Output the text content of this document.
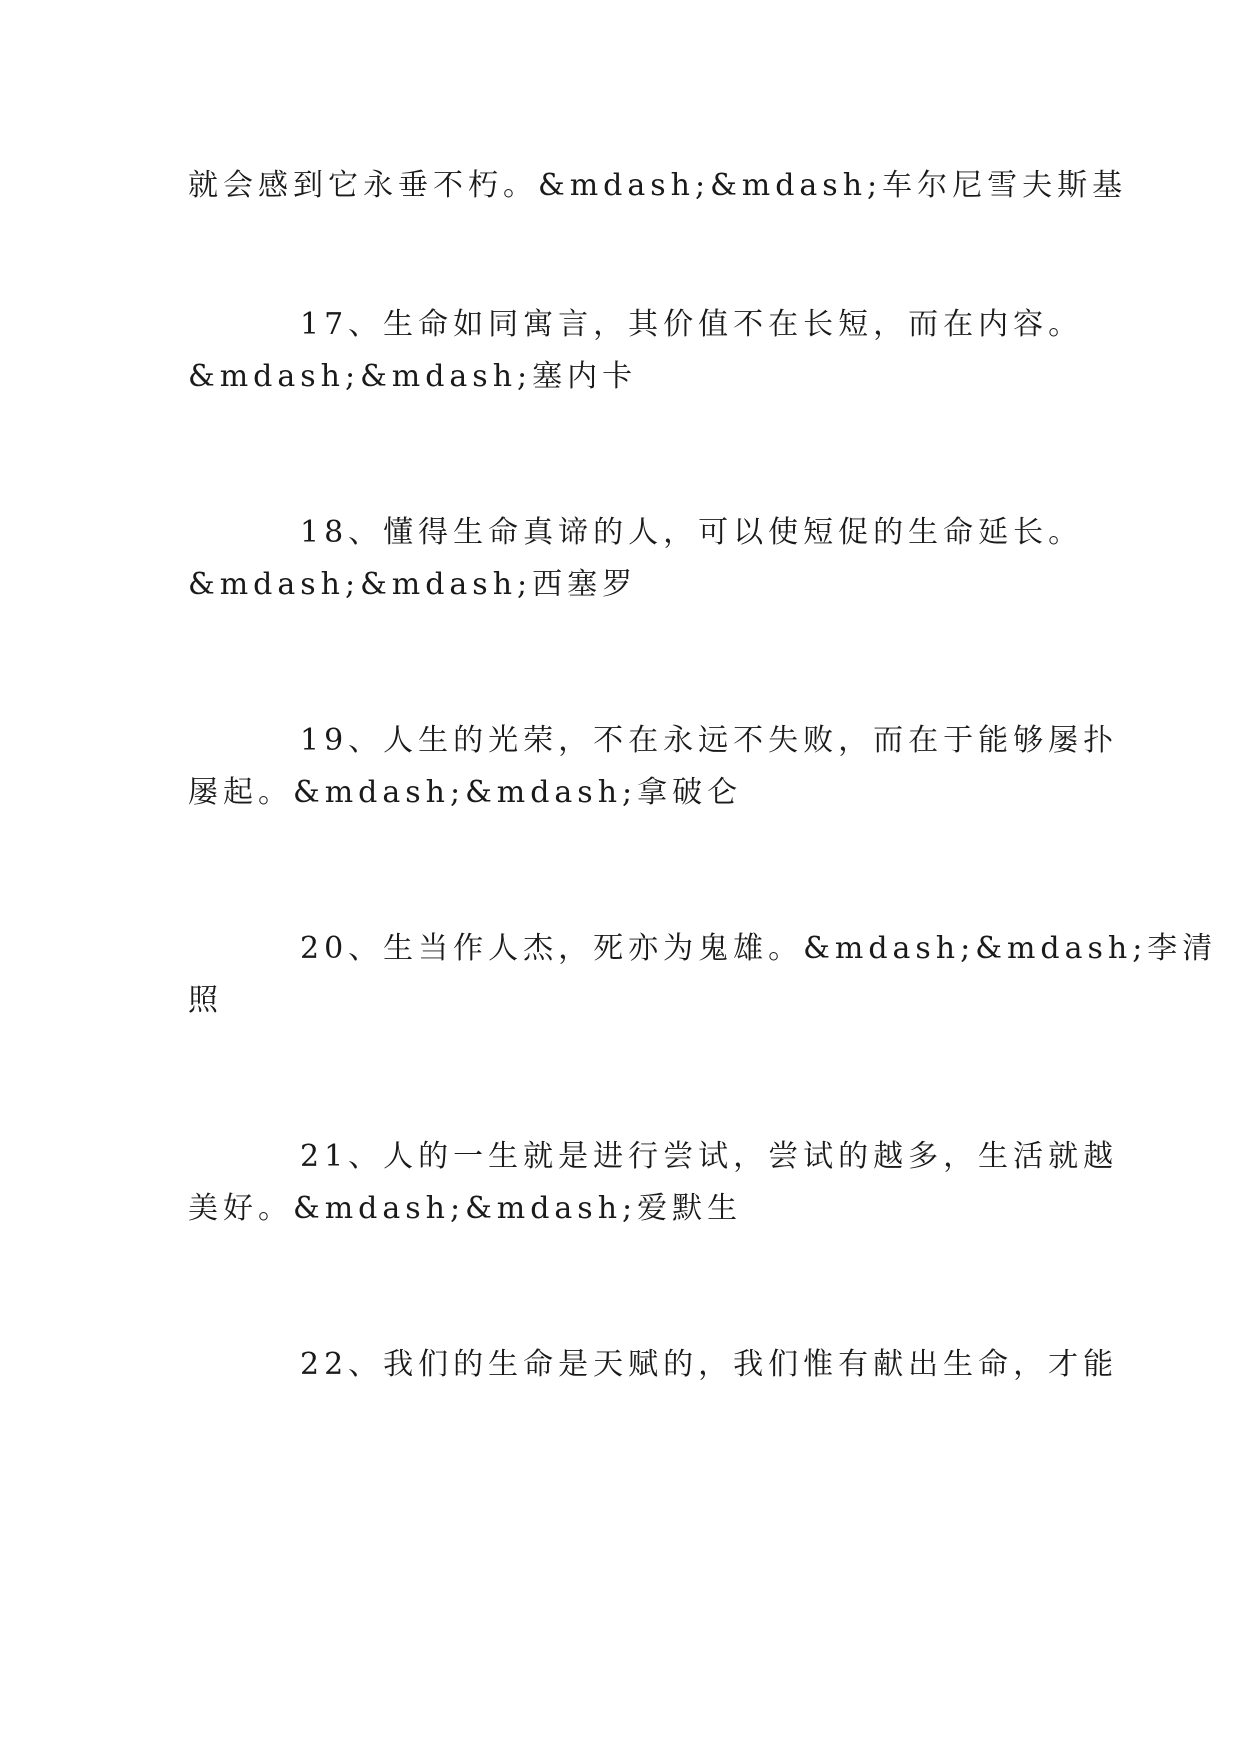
就会感到它永垂不朽。&mdash;&mdash;车尔尼雪夫斯基
17、生命如同寓言，其价值不在长短，而在内容。
&mdash;&mdash;塞内卡
18、懂得生命真谛的人，可以使短促的生命延长。
&mdash;&mdash;西塞罗
19、人生的光荣，不在永远不失败，而在于能够屡扑
屡起。&mdash;&mdash;拿破仑
20、生当作人杰，死亦为鬼雄。&mdash;&mdash;李清
照
21、人的一生就是进行尝试，尝试的越多，生活就越
美好。&mdash;&mdash;爱默生
22、我们的生命是天赋的，我们惟有献出生命，才能
